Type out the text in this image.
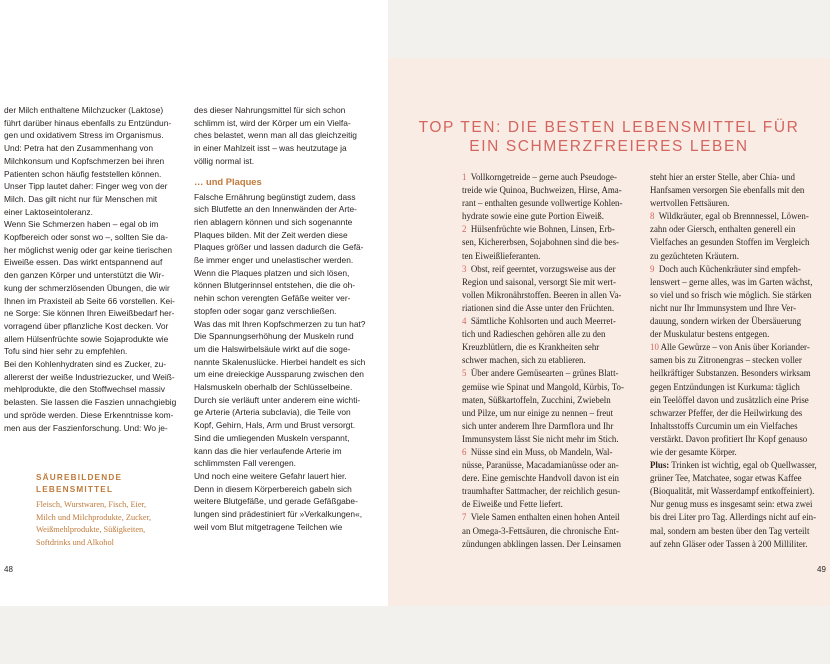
der Milch enthaltene Milchzucker (Laktose)

führt darüber hinaus ebenfalls zu Entzündun-

gen und oxidativem Stress im Organismus.

Und: Petra hat den Zusammenhang von

Milchkonsum und Kopfschmerzen bei ihren

Patienten schon häufig feststellen können.

Unser Tipp lautet daher: Finger weg von der

Milch. Das gilt nicht nur für Menschen mit

einer Laktoseintoleranz.

Wenn Sie Schmerzen haben – egal ob im

Kopfbereich oder sonst wo –, sollten Sie da-

her möglichst wenig oder gar keine tierischen

Eiweiße essen. Das wirkt entspannend auf

den ganzen Körper und unterstützt die Wir-

kung der schmerzlösenden Übungen, die wir

Ihnen im Praxisteil ab Seite 66 vorstellen. Kei-

ne Sorge: Sie können Ihren Eiweißbedarf her-

vorragend über pflanzliche Kost decken. Vor

allem Hülsenfrüchte sowie Sojaprodukte wie

Tofu sind hier sehr zu empfehlen.

Bei den Kohlenhydraten sind es Zucker, zu-

allererst der weiße Industriezucker, und Weiß-

mehlprodukte, die den Stoffwechsel massiv

belasten. Sie lassen die Faszien unnachgiebig

und spröde werden. Diese Erkenntnisse kom-

men aus der Faszienforschung. Und: Wo je-

des dieser Nahrungsmittel für sich schon

schlimm ist, wird der Körper um ein Vielfa-

ches belastet, wenn man all das gleichzeitig

in einer Mahlzeit isst – was heutzutage ja

völlig normal ist.

… und Plaques

Falsche Ernährung begünstigt zudem, dass

sich Blutfette an den Innenwänden der Arte-

rien ablagern können und sich sogenannte

Plaques bilden. Mit der Zeit werden diese

Plaques größer und lassen dadurch die Gefä-

ße immer enger und unelastischer werden.

Wenn die Plaques platzen und sich lösen,

können Blutgerinnsel entstehen, die die oh-

nehin schon verengten Gefäße weiter ver-

stopfen oder sogar ganz verschließen.

Was das mit Ihren Kopfschmerzen zu tun hat?

Die Spannungserhöhung der Muskeln rund

um die Halswirbelsäule wirkt auf die soge-

nannte Skalenuslücke. Hierbei handelt es sich

um eine dreieckige Aussparung zwischen den

Halsmuskeln oberhalb der Schlüsselbeine.

Durch sie verläuft unter anderem eine wichti-

ge Arterie (Arteria subclavia), die Teile von

Kopf, Gehirn, Hals, Arm und Brust versorgt.

Sind die umliegenden Muskeln verspannt,

kann das die hier verlaufende Arterie im

schlimmsten Fall verengen.

Und noch eine weitere Gefahr lauert hier.

Denn in diesem Körperbereich gabeln sich

weitere Blutgefäße, und gerade Gefäßgabe-

lungen sind prädestiniert für »Verkalkungen«,

weil vom Blut mitgetragene Teilchen wie

SÄUREBILDENDE
LEBENSMITTEL
Fleisch, Wurstwaren, Fisch, Eier,
Milch und Milchprodukte, Zucker,
Weißmehlprodukte, Süßigkeiten,
Softdrinks und Alkohol
48
TOP TEN: DIE BESTEN LEBENSMITTEL FÜR
EIN SCHMERZFREIERES LEBEN

1  Vollkorngetreide – gerne auch Pseudoge-

treide wie Quinoa, Buchweizen, Hirse, Ama-

rant – enthalten gesunde vollwertige Kohlen-

hydrate sowie eine gute Portion Eiweiß.

2  Hülsenfrüchte wie Bohnen, Linsen, Erb-

sen, Kichererbsen, Sojabohnen sind die bes-

ten Eiweißlieferanten.

3  Obst, reif geerntet, vorzugsweise aus der

Region und saisonal, versorgt Sie mit wert-

vollen Mikronährstoffen. Beeren in allen Va-

riationen sind die Asse unter den Früchten.

4  Sämtliche Kohlsorten und auch Meerret-

tich und Radieschen gehören alle zu den

Kreuzblütlern, die es Krankheiten sehr

schwer machen, sich zu etablieren.

5  Über andere Gemüsearten – grünes Blatt-

gemüse wie Spinat und Mangold, Kürbis, To-

maten, Süßkartoffeln, Zucchini, Zwiebeln

und Pilze, um nur einige zu nennen – freut

sich unter anderem Ihre Darmflora und Ihr

Immunsystem lässt Sie nicht mehr im Stich.

6  Nüsse sind ein Muss, ob Mandeln, Wal-

nüsse, Paranüsse, Macadamianüsse oder an-

dere. Eine gemischte Handvoll davon ist ein

traumhafter Sattmacher, der reichlich gesun-

de Eiweiße und Fette liefert.

7  Viele Samen enthalten einen hohen Anteil

an Omega-3-Fettsäuren, die chronische Ent-

zündungen abklingen lassen. Der Leinsamen

steht hier an erster Stelle, aber Chia- und

Hanfsamen versorgen Sie ebenfalls mit den

wertvollen Fettsäuren.

8  Wildkräuter, egal ob Brennnessel, Löwen-

zahn oder Giersch, enthalten generell ein

Vielfaches an gesunden Stoffen im Vergleich

zu gezüchteten Kräutern.

9  Doch auch Küchenkräuter sind empfeh-

lenswert – gerne alles, was im Garten wächst,

so viel und so frisch wie möglich. Sie stärken

nicht nur Ihr Immunsystem und Ihre Ver-

dauung, sondern wirken der Übersäuerung

der Muskulatur bestens entgegen.

10 Alle Gewürze – von Anis über Koriander-

samen bis zu Zitronengras – stecken voller

heilkräftiger Substanzen. Besonders wirksam

gegen Entzündungen ist Kurkuma: täglich

ein Teelöffel davon und zusätzlich eine Prise

schwarzer Pfeffer, der die Heilwirkung des

Inhaltsstoffs Curcumin um ein Vielfaches

verstärkt. Davon profitiert Ihr Kopf genauso

wie der gesamte Körper.

Plus: Trinken ist wichtig, egal ob Quellwasser,

grüner Tee, Matchatee, sogar etwas Kaffee

(Bioqualität, mit Wasserdampf entkoffeiniert).

Nur genug muss es insgesamt sein: etwa zwei

bis drei Liter pro Tag. Allerdings nicht auf ein-

mal, sondern am besten über den Tag verteilt

auf zehn Gläser oder Tassen à 200 Milliliter.

49
